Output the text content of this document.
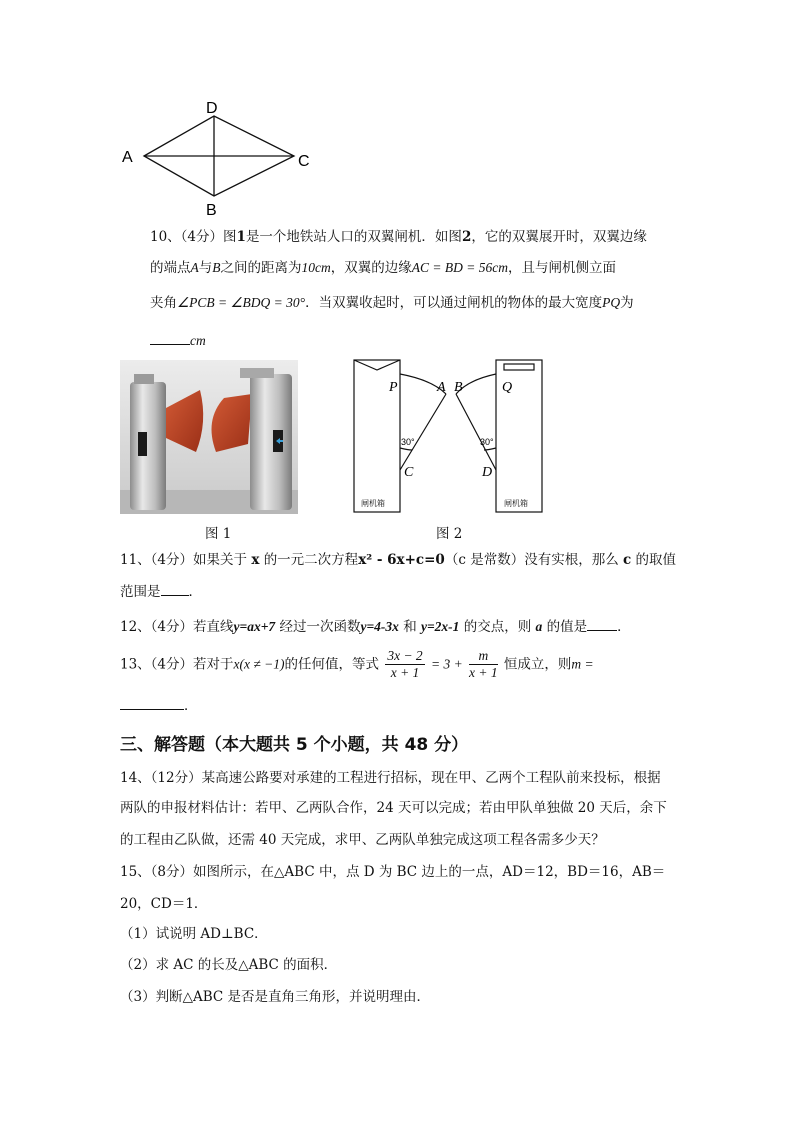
A
B
C
D
10、（4分）图1是一个地铁站人口的双翼闸机．如图2，它的双翼展开时，双翼边缘
的端点A与B之间的距离为10cm，双翼的边缘AC = BD = 56cm，且与闸机侧立面
夹角∠PCB = ∠BDQ = 30°．当双翼收起时，可以通过闸机的物体的最大宽度PQ为
cm
图 1
P	A B	Q
C	D
30°	30°
闸机箱	闸机箱
图 2
11、（4分）如果关于 x 的一元二次方程x² - 6x+c=0（c 是常数）没有实根，那么 c 的取值
范围是 ．
12、（4分）若直线y=ax+7 经过一次函数y=4-3x 和 y=2x-1 的交点，则 a 的值是 ．
13、（4分）若对于x(x ≠ −1)的任何值，等式 $\frac{3x - 2}{x + 1} = 3 + \frac{m}{x + 1}$ 恒成立，则m =
．
三、解答题（本大题共 5 个小题，共 48 分）
14、（12分）某高速公路要对承建的工程进行招标，现在甲、乙两个工程队前来投标，根据
两队的申报材料估计：若甲、乙两队合作，24 天可以完成；若由甲队单独做 20 天后，余下
的工程由乙队做，还需 40 天完成，求甲、乙两队单独完成这项工程各需多少天？
15、（8分）如图所示，在△ABC 中，点 D 为 BC 边上的一点，AD＝12，BD＝16，AB＝
20，CD＝1．
（1）试说明 AD⊥BC．
（2）求 AC 的长及△ABC 的面积．
（3）判断△ABC 是否是直角三角形，并说明理由．
